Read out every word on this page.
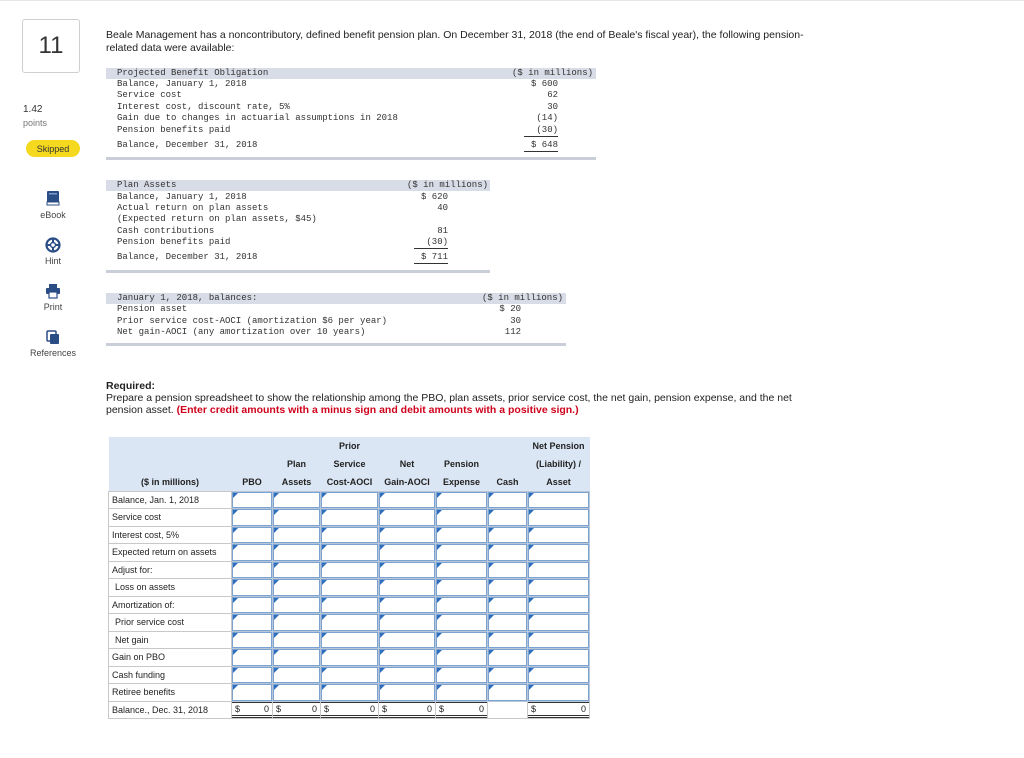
11
1.42
points
Skipped
eBook
Hint
Print
References
Beale Management has a noncontributory, defined benefit pension plan. On December 31, 2018 (the end of Beale's fiscal year), the following pension-related data were available:
Projected Benefit Obligation	($ in millions)
Balance, January 1, 2018	$ 600
Service cost	62
Interest cost, discount rate, 5%	30
Gain due to changes in actuarial assumptions in 2018	(14)
Pension benefits paid	(30)
Balance, December 31, 2018	$ 648
Plan Assets	($ in millions)
Balance, January 1, 2018	$ 620
Actual return on plan assets	40
(Expected return on plan assets, $45)
Cash contributions	81
Pension benefits paid	(30)
Balance, December 31, 2018	$ 711
January 1, 2018, balances:	($ in millions)
Pension asset	$ 20
Prior service cost-AOCI (amortization $6 per year)	30
Net gain-AOCI (any amortization over 10 years)	112
Required:
Prepare a pension spreadsheet to show the relationship among the PBO, plan assets, prior service cost, the net gain, pension expense, and the net pension asset. (Enter credit amounts with a minus sign and debit amounts with a positive sign.)
			Prior				Net Pension
		Plan	Service	Net	Pension		(Liability) /
($ in millions)	PBO	Assets	Cost-AOCI	Gain-AOCI	Expense	Cash	Asset
Balance, Jan. 1, 2018	

Service cost	

Interest cost, 5%	

Expected return on assets	

Adjust for:	

Loss on assets	

Amortization of:	

Prior service cost	

Net gain	

Gain on PBO	

Cash funding	

Retiree benefits	

Balance., Dec. 31, 2018	$ 0	$ 0	$ 0	$ 0	$ 0		$ 0
